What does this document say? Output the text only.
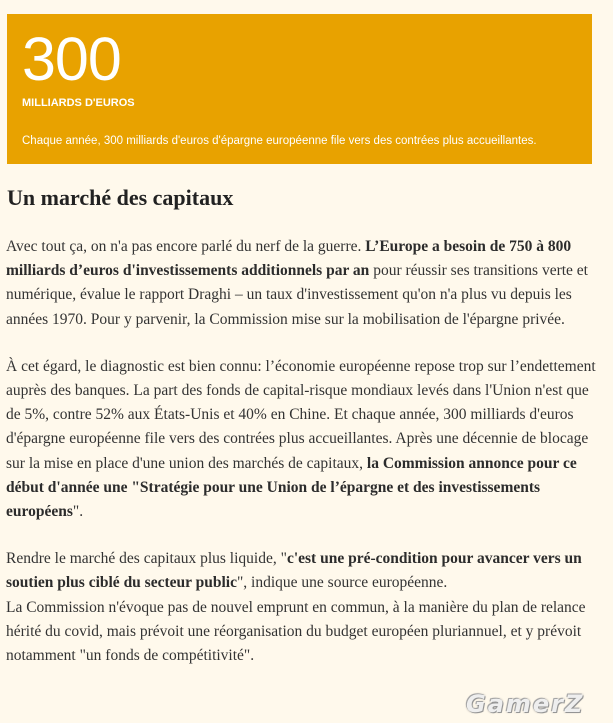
300
MILLIARDS D'EUROS
Chaque année, 300 milliards d'euros d'épargne européenne file vers des contrées plus accueillantes.
Un marché des capitaux

Avec tout ça, on n'a pas encore parlé du nerf de la guerre. L’Europe a besoin de 750 à 800 milliards d’euros d'investissements additionnels par an pour réussir ses transitions verte et numérique, évalue le rapport Draghi – un taux d'investissement qu'on n'a plus vu depuis les années 1970. Pour y parvenir, la Commission mise sur la mobilisation de l'épargne privée.

À cet égard, le diagnostic est bien connu: l’économie européenne repose trop sur l’endettement auprès des banques. La part des fonds de capital-risque mondiaux levés dans l'Union n'est que de 5%, contre 52% aux États-Unis et 40% en Chine. Et chaque année, 300 milliards d'euros d'épargne européenne file vers des contrées plus accueillantes. Après une décennie de blocage sur la mise en place d'une union des marchés de capitaux, la Commission annonce pour ce début d'année une "Stratégie pour une Union de l’épargne et des investissements européens".

Rendre le marché des capitaux plus liquide, "c'est une pré-condition pour avancer vers un soutien plus ciblé du secteur public", indique une source européenne.

La Commission n'évoque pas de nouvel emprunt en commun, à la manière du plan de relance hérité du covid, mais prévoit une réorganisation du budget européen pluriannuel, et y prévoit notamment "un fonds de compétitivité".

GamerZ
